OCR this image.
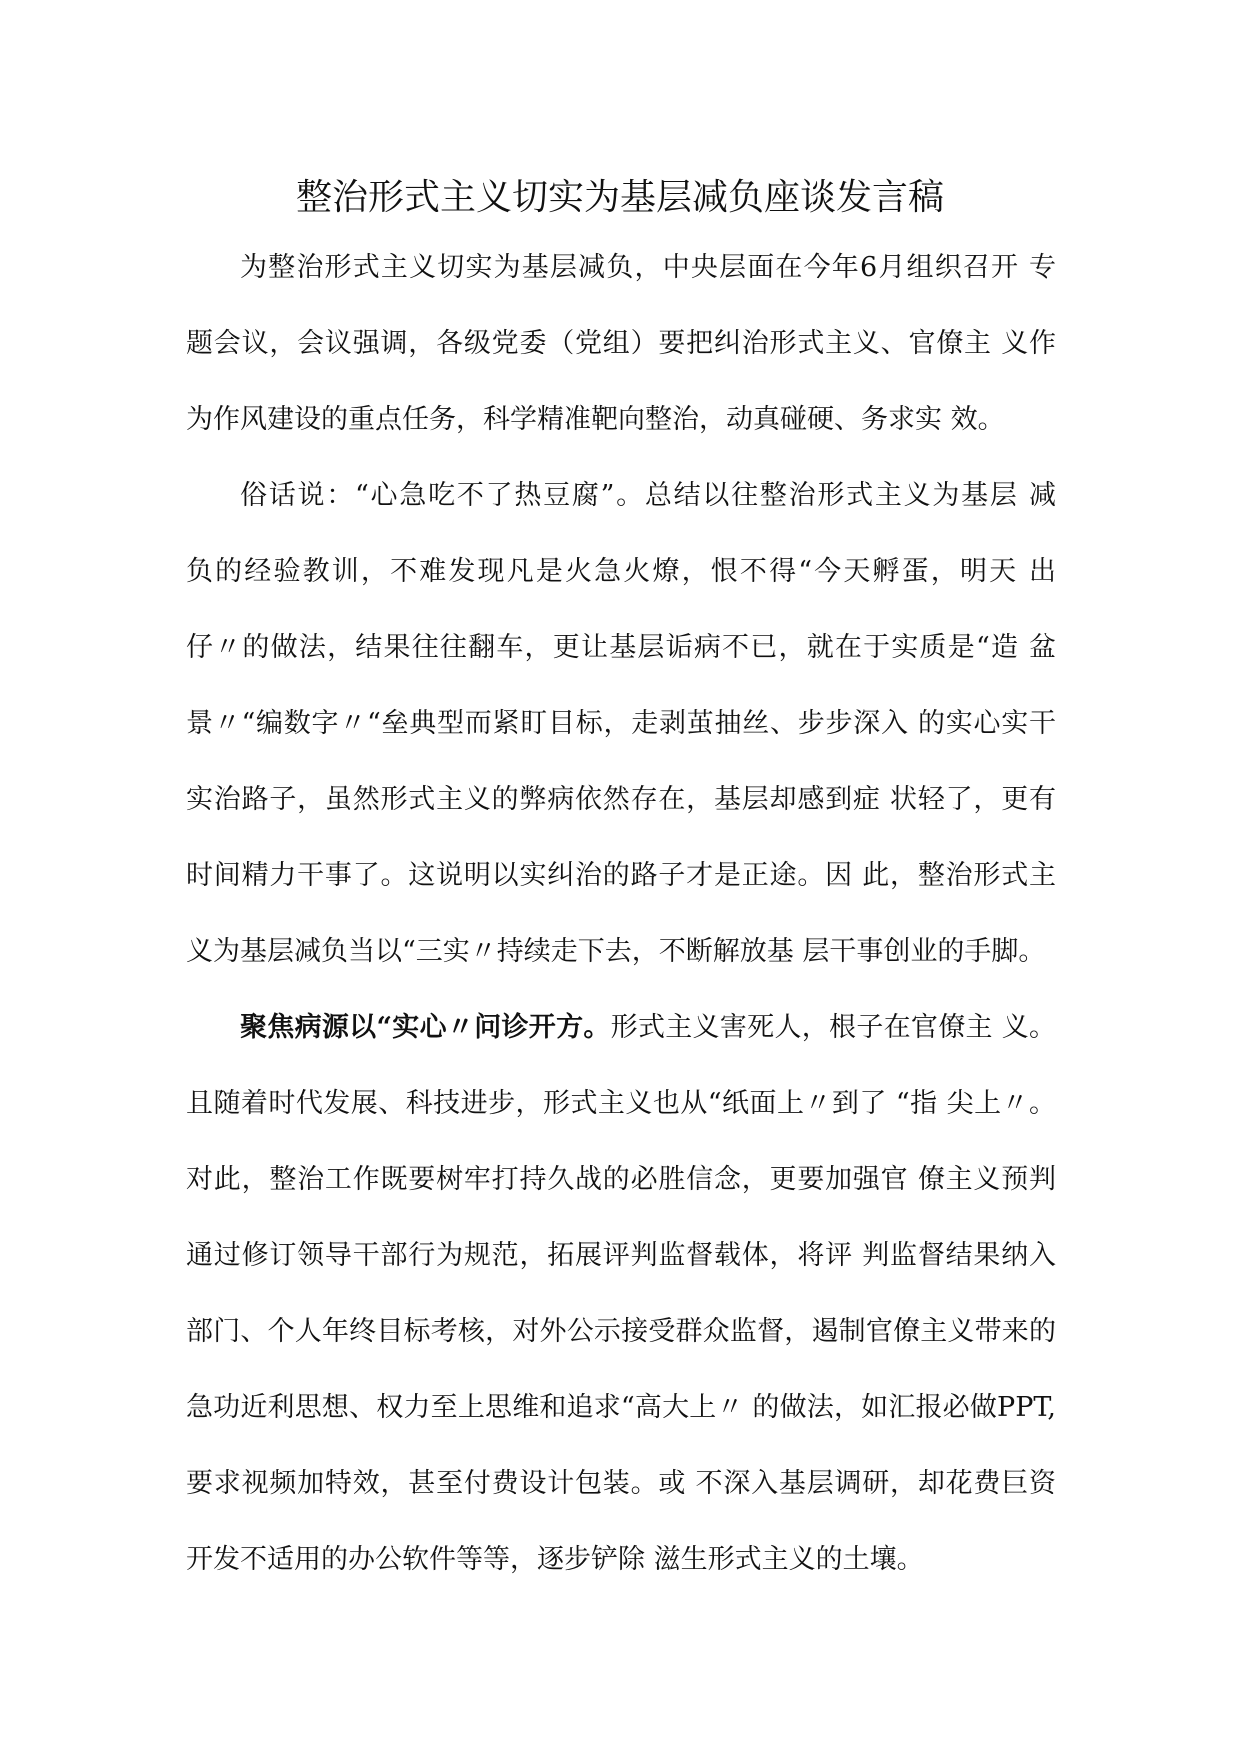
整治形式主义切实为基层减负座谈发言稿
为整治形式主义切实为基层减负，中央层面在今年6月组织召开 专
题会议，会议强调，各级党委（党组）要把纠治形式主义、官僚主 义作
为作风建设的重点任务，科学精准靶向整治，动真碰硬、务求实 效。
俗话说：“心急吃不了热豆腐”。总结以往整治形式主义为基层 减
负的经验教训，不难发现凡是火急火燎，恨不得“今天孵蛋，明天 出
仔〃的做法，结果往往翻车，更让基层诟病不已，就在于实质是“造 盆
景〃“编数字〃“垒典型而紧盯目标，走剥茧抽丝、步步深入 的实心实干
实治路子，虽然形式主义的弊病依然存在，基层却感到症 状轻了，更有
时间精力干事了。这说明以实纠治的路子才是正途。因 此，整治形式主
义为基层减负当以“三实〃持续走下去，不断解放基 层干事创业的手脚。
聚焦病源以“实心〃问诊开方。形式主义害死人，根子在官僚主 义。
且随着时代发展、科技进步，形式主义也从“纸面上〃到了 “指 尖上〃。
对此，整治工作既要树牢打持久战的必胜信念，更要加强官 僚主义预判
通过修订领导干部行为规范，拓展评判监督载体，将评 判监督结果纳入
部门、个人年终目标考核，对外公示接受群众监督，遏制官僚主义带来的
急功近利思想、权力至上思维和追求“高大上〃 的做法，如汇报必做PPT,
要求视频加特效，甚至付费设计包装。或 不深入基层调研，却花费巨资
开发不适用的办公软件等等，逐步铲除 滋生形式主义的土壤。
